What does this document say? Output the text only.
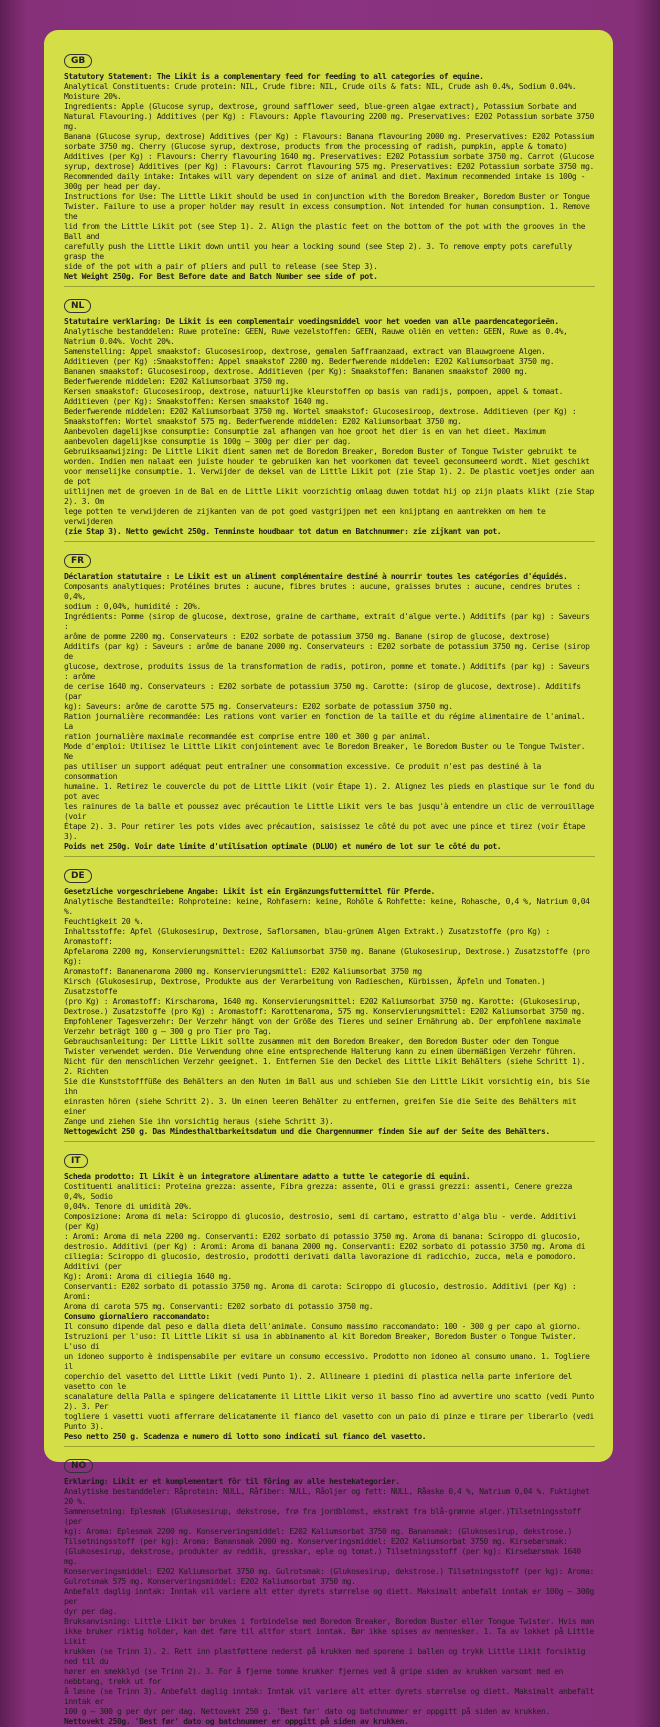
GB

Statutory Statement: The Likit is a complementary feed for feeding to all categories of equine.

Analytical Constituents: Crude protein: NIL, Crude fibre: NIL, Crude oils & fats: NIL, Crude ash 0.4%, Sodium 0.04%.

Moisture 20%.

Ingredients: Apple (Glucose syrup, dextrose, ground safflower seed, blue-green algae extract), Potassium Sorbate and

Natural Flavouring.) Additives (per Kg) : Flavours: Apple flavouring 2200 mg. Preservatives: E202 Potassium sorbate 3750 mg.

Banana (Glucose syrup, dextrose) Additives (per Kg) : Flavours: Banana flavouring 2000 mg. Preservatives: E202 Potassium

sorbate 3750 mg. Cherry (Glucose syrup, dextrose, products from the processing of radish, pumpkin, apple & tomato)

Additives (per Kg) : Flavours: Cherry flavouring 1640 mg. Preservatives: E202 Potassium sorbate 3750 mg. Carrot (Glucose

syrup, dextrose) Additives (per Kg) : Flavours: Carrot flavouring 575 mg. Preservatives: E202 Potassium sorbate 3750 mg.

Recommended daily intake: Intakes will vary dependent on size of animal and diet. Maximum recommended intake is 100g -

300g per head per day.

Instructions for Use: The Little Likit should be used in conjunction with the Boredom Breaker, Boredom Buster or Tongue

Twister. Failure to use a proper holder may result in excess consumption. Not intended for human consumption. 1. Remove the

lid from the Little Likit pot (see Step 1). 2. Align the plastic feet on the bottom of the pot with the grooves in the Ball and

carefully push the Little Likit down until you hear a locking sound (see Step 2). 3. To remove empty pots carefully grasp the

side of the pot with a pair of pliers and pull to release (see Step 3).

Net Weight 250g. For Best Before date and Batch Number see side of pot.

NL

Statutaire verklaring: De Likit is een complementair voedingsmiddel voor het voeden van alle paardencategorieën.

Analytische bestanddelen: Ruwe proteïne: GEEN, Ruwe vezelstoffen: GEEN, Rauwe oliën en vetten: GEEN, Ruwe as 0.4%,

Natrium 0.04%. Vocht 20%.

Samenstelling: Appel smaakstof: Glucosesiroop, dextrose, gemalen Saffraanzaad, extract van Blauwgroene Algen.

Additieven (per Kg) :Smaakstoffen: Appel smaakstof 2200 mg. Bederfwerende middelen: E202 Kaliumsorbaat 3750 mg.

Bananen smaakstof: Glucosesiroop, dextrose. Additieven (per Kg): Smaakstoffen: Bananen smaakstof 2000 mg.

Bederfwerende middelen: E202 Kaliumsorbaat 3750 mg.

Kersen smaakstof: Glucosesiroop, dextrose, natuurlijke kleurstoffen op basis van radijs, pompoen, appel & tomaat.

Additieven (per Kg): Smaakstoffen: Kersen smaakstof 1640 mg.

Bederfwerende middelen: E202 Kaliumsorbaat 3750 mg. Wortel smaakstof: Glucosesiroop, dextrose. Additieven (per Kg) :

Smaakstoffen: Wortel smaakstof 575 mg. Bederfwerende middelen: E202 Kaliumsorbaat 3750 mg.

Aanbevolen dagelijkse consumptie: Consumptie zal afhangen van hoe groot het dier is en van het dieet. Maximum

aanbevolen dagelijkse consumptie is 100g – 300g per dier per dag.

Gebruiksaanwijzing: De Little Likit dient samen met de Boredom Breaker, Boredom Buster of Tongue Twister gebruikt te

worden. Indien men nalaat een juiste houder te gebruiken kan het voorkomen dat teveel geconsumeerd wordt. Niet geschikt

voor menselijke consumptie. 1. Verwijder de deksel van de Little Likit pot (zie Stap 1). 2. De plastic voetjes onder aan de pot

uitlijnen met de groeven in de Bal en de Little Likit voorzichtig omlaag duwen totdat hij op zijn plaats klikt (zie Stap 2). 3. Om

lege potten te verwijderen de zijkanten van de pot goed vastgrijpen met een knijptang en aantrekken om hem te verwijderen

(zie Stap 3). Netto gewicht 250g. Tenminste houdbaar tot datum en Batchnummer: zie zijkant van pot.

FR

Déclaration statutaire : Le Likit est un aliment complémentaire destiné à nourrir toutes les catégories d'équidés.

Composants analytiques: Protéines brutes : aucune, fibres brutes : aucune, graisses brutes : aucune, cendres brutes : 0,4%,

sodium : 0,04%, humidité : 20%.

Ingrédients: Pomme (sirop de glucose, dextrose, graine de carthame, extrait d'algue verte.) Additifs (par kg) : Saveurs :

arôme de pomme 2200 mg. Conservateurs : E202 sorbate de potassium 3750 mg. Banane (sirop de glucose, dextrose)

Additifs (par kg) : Saveurs : arôme de banane 2000 mg. Conservateurs : E202 sorbate de potassium 3750 mg. Cerise (sirop de

glucose, dextrose, produits issus de la transformation de radis, potiron, pomme et tomate.) Additifs (par kg) : Saveurs : arôme

de cerise 1640 mg. Conservateurs : E202 sorbate de potassium 3750 mg. Carotte: (sirop de glucose, dextrose). Additifs (par

kg): Saveurs: arôme de carotte 575 mg. Conservateurs: E202 sorbate de potassium 3750 mg.

Ration journalière recommandée: Les rations vont varier en fonction de la taille et du régime alimentaire de l'animal. La

ration journalière maximale recommandée est comprise entre 100 et 300 g par animal.

Mode d'emploi: Utilisez le Little Likit conjointement avec le Boredom Breaker, le Boredom Buster ou le Tongue Twister. Ne

pas utiliser un support adéquat peut entraîner une consommation excessive. Ce produit n'est pas destiné à la consommation

humaine. 1. Retirez le couvercle du pot de Little Likit (voir Étape 1). 2. Alignez les pieds en plastique sur le fond du pot avec

les rainures de la balle et poussez avec précaution le Little Likit vers le bas jusqu'à entendre un clic de verrouillage (voir

Étape 2). 3. Pour retirer les pots vides avec précaution, saisissez le côté du pot avec une pince et tirez (voir Étape 3).

Poids net 250g. Voir date limite d'utilisation optimale (DLUO) et numéro de lot sur le côté du pot.

DE

Gesetzliche vorgeschriebene Angabe: Likit ist ein Ergänzungsfuttermittel für Pferde.

Analytische Bestandteile: Rohproteine: keine, Rohfasern: keine, Rohöle & Rohfette: keine, Rohasche, 0,4 %, Natrium 0,04 %.

Feuchtigkeit 20 %.

Inhaltsstoffe: Apfel (Glukosesirup, Dextrose, Saflorsamen, blau-grünem Algen Extrakt.) Zusatzstoffe (pro Kg) : Aromastoff:

Apfelaroma 2200 mg, Konservierungsmittel: E202 Kaliumsorbat 3750 mg. Banane (Glukosesirup, Dextrose.) Zusatzstoffe (pro Kg):

Aromastoff: Bananenaroma 2000 mg. Konservierungsmittel: E202 Kaliumsorbat 3750 mg

Kirsch (Glukosesirup, Dextrose, Produkte aus der Verarbeitung von Radieschen, Kürbissen, Äpfeln und Tomaten.) Zusatzstoffe

(pro Kg) : Aromastoff: Kirscharoma, 1640 mg. Konservierungsmittel: E202 Kaliumsorbat 3750 mg. Karotte: (Glukosesirup,

Dextrose.) Zusatzstoffe (pro Kg) : Aromastoff: Karottenaroma, 575 mg. Konservierungsmittel: E202 Kaliumsorbat 3750 mg.

Empfohlener Tagesverzehr: Der Verzehr hängt von der Größe des Tieres und seiner Ernährung ab. Der empfohlene maximale

Verzehr beträgt 100 g – 300 g pro Tier pro Tag.

Gebrauchsanleitung: Der Little Likit sollte zusammen mit dem Boredom Breaker, dem Boredom Buster oder dem Tongue

Twister verwendet werden. Die Verwendung ohne eine entsprechende Halterung kann zu einem übermäßigen Verzehr führen.

Nicht für den menschlichen Verzehr geeignet. 1. Entfernen Sie den Deckel des Little Likit Behälters (siehe Schritt 1). 2. Richten

Sie die Kunststofffüße des Behälters an den Nuten im Ball aus und schieben Sie den Little Likit vorsichtig ein, bis Sie ihn

einrasten hören (siehe Schritt 2). 3. Um einen leeren Behälter zu entfernen, greifen Sie die Seite des Behälters mit einer

Zange und ziehen Sie ihn vorsichtig heraus (siehe Schritt 3).

Nettogewicht 250 g. Das Mindesthaltbarkeitsdatum und die Chargennummer finden Sie auf der Seite des Behälters.

IT

Scheda prodotto: Il Likit è un integratore alimentare adatto a tutte le categorie di equini.

Costituenti analitici: Proteina grezza: assente, Fibra grezza: assente, Oli e grassi grezzi: assenti, Cenere grezza 0,4%, Sodio

0,04%. Tenore di umidità 20%.

Composizione: Aroma di mela: Sciroppo di glucosio, destrosio, semi di cartamo, estratto d'alga blu - verde. Additivi (per Kg)

: Aromi: Aroma di mela 2200 mg. Conservanti: E202 sorbato di potassio 3750 mg. Aroma di banana: Sciroppo di glucosio,

destrosio. Additivi (per Kg) : Aromi: Aroma di banana 2000 mg. Conservanti: E202 sorbato di potassio 3750 mg. Aroma di

ciliegia: Sciroppo di glucosio, destrosio, prodotti derivati dalla lavorazione di radicchio, zucca, mela e pomodoro. Additivi (per

Kg): Aromi: Aroma di ciliegia 1640 mg.

Conservanti: E202 sorbato di potassio 3750 mg. Aroma di carota: Sciroppo di glucosio, destrosio. Additivi (per Kg) : Aromi:

Aroma di carota 575 mg. Conservanti: E202 sorbato di potassio 3750 mg.

Consumo giornaliero raccomandato:

Il consumo dipende dal peso e dalla dieta dell'animale. Consumo massimo raccomandato: 100 - 300 g per capo al giorno.

Istruzioni per l'uso: Il Little Likit si usa in abbinamento al kit Boredom Breaker, Boredom Buster o Tongue Twister. L'uso di

un idoneo supporto è indispensabile per evitare un consumo eccessivo. Prodotto non idoneo al consumo umano. 1. Togliere il

coperchio del vasetto del Little Likit (vedi Punto 1). 2. Allineare i piedini di plastica nella parte inferiore del vasetto con le

scanalature della Palla e spingere delicatamente il Little Likit verso il basso fino ad avvertire uno scatto (vedi Punto 2). 3. Per

togliere i vasetti vuoti afferrare delicatamente il fianco del vasetto con un paio di pinze e tirare per liberarlo (vedi Punto 3).

Peso netto 250 g. Scadenza e numero di lotto sono indicati sul fianco del vasetto.

NO

Erklæring: Likit er et komplementært fôr til fôring av alle hestekategorier.

Analytiske bestanddeler: Råprotein: NULL, Råfiber: NULL, Råoljer og fett: NULL, Råaske 0,4 %, Natrium 0,04 %. Fuktighet

20 %.

Sammensetning: Eplesmak (Glukosesirup, dekstrose, frø fra jordblomst, ekstrakt fra blå-grønne alger.)Tilsetningsstoff (per

kg): Aroma: Eplesmak 2200 mg. Konserveringsmiddel: E202 Kaliumsorbat 3750 mg. Banansmak: (Glukosesirup, dekstrose.)

Tilsetningsstoff (per kg): Aroma: Banansmak 2000 mg. Konserveringsmiddel: E202 Kaliumsorbat 3750 mg. Kirsebærsmak:

(Glukosesirup, dekstrose, produkter av reddik, gresskar, eple og tomat.) Tilsetningsstoff (per kg): Kirsebærsmak 1640 mg.

Konserveringsmiddel: E202 Kaliumsorbat 3750 mg. Gulrotsmak: (Glukosesirup, dekstrose.) Tilsetningsstoff (per kg): Aroma:

Gulrotsmak 575 mg. Konserveringsmiddel: E202 Kaliumsorbat 3750 mg.

Anbefalt daglig inntak: Inntak vil variere alt etter dyrets størrelse og diett. Maksimalt anbefalt inntak er 100g – 300g per

dyr per dag.

Bruksanvisning: Little Likit bør brukes i forbindelse med Boredom Breaker, Boredom Buster eller Tongue Twister. Hvis man

ikke bruker riktig holder, kan det føre til altfor stort inntak. Bør ikke spises av mennesker. 1. Ta av lokket på Little Likit

krukken (se Trinn 1). 2. Rett inn plastføttene nederst på krukken med sporene i ballen og trykk Little Likit forsiktig ned til du

hører en smekklyd (se Trinn 2). 3. For å fjerne tomme krukker fjernes ved å gripe siden av krukken varsomt med en nebbtang, trekk ut for

å løsne (se Trinn 3). Anbefalt daglig inntak: Inntak vil variere alt etter dyrets størrelse og diett. Maksimalt anbefalt inntak er

100 g – 300 g per dyr per dag. Nettovekt 250 g. 'Best før' dato og batchnummer er oppgitt på siden av krukken.

Nettovekt 250g. 'Best før' dato og batchnummer er oppgitt på siden av krukken.
